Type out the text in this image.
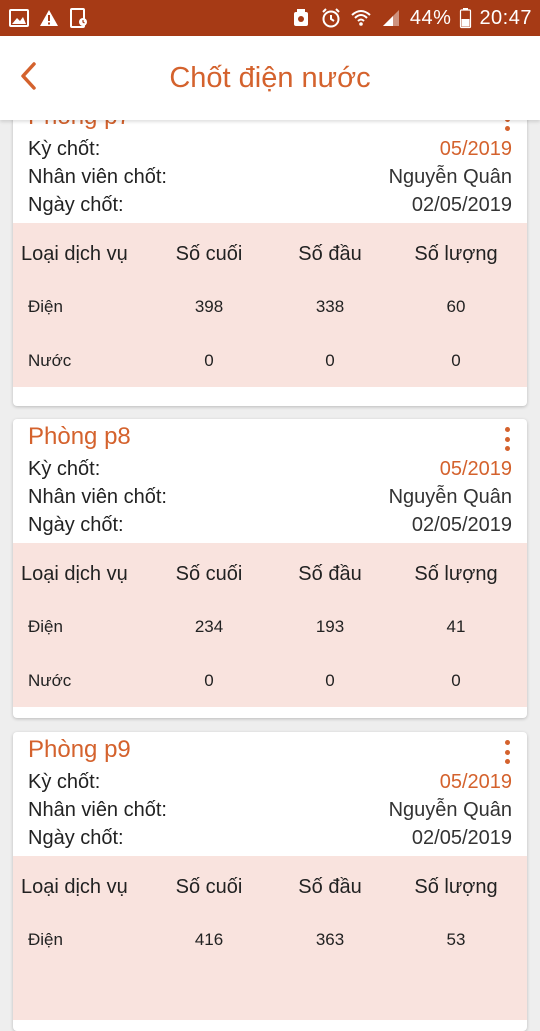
44% 20:47
Chốt điện nước
Kỳ chốt:	05/2019
Nhân viên chốt:	Nguyễn Quân
Ngày chốt:	02/05/2019
Loại dịch vụ	Số cuối	Số đầu	Số lượng
Điện	398	338	60
Nước	0	0	0
Phòng p8
Kỳ chốt:	05/2019
Nhân viên chốt:	Nguyễn Quân
Ngày chốt:	02/05/2019
Loại dịch vụ	Số cuối	Số đầu	Số lượng
Điện	234	193	41
Nước	0	0	0
Phòng p9
Kỳ chốt:	05/2019
Nhân viên chốt:	Nguyễn Quân
Ngày chốt:	02/05/2019
Loại dịch vụ	Số cuối	Số đầu	Số lượng
Điện	416	363	53
